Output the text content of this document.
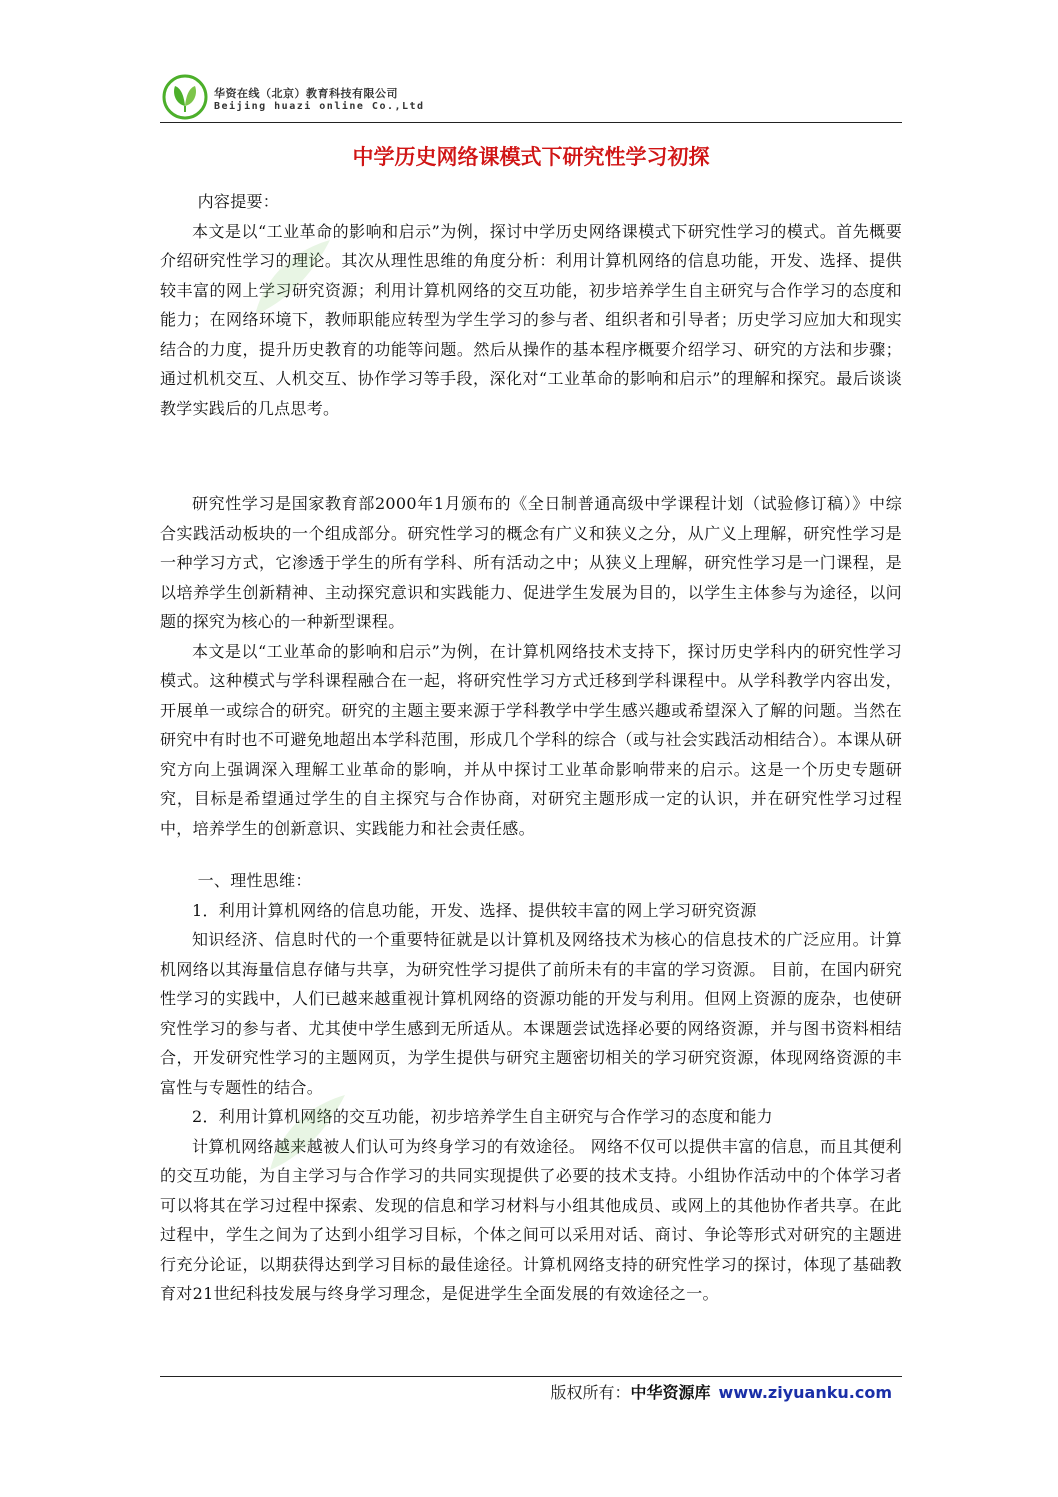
华资在线（北京）教育科技有限公司
Beijing huazi online Co.,Ltd
中学历史网络课模式下研究性学习初探

内容提要：

本文是以“工业革命的影响和启示”为例，探讨中学历史网络课模式下研究性学习的模式。首先概要介绍研究性学习的理论。其次从理性思维的角度分析：利用计算机网络的信息功能，开发、选择、提供较丰富的网上学习研究资源；利用计算机网络的交互功能，初步培养学生自主研究与合作学习的态度和能力；在网络环境下，教师职能应转型为学生学习的参与者、组织者和引导者；历史学习应加大和现实结合的力度，提升历史教育的功能等问题。然后从操作的基本程序概要介绍学习、研究的方法和步骤；通过机机交互、人机交互、协作学习等手段，深化对“工业革命的影响和启示”的理解和探究。最后谈谈教学实践后的几点思考。

研究性学习是国家教育部2000年1月颁布的《全日制普通高级中学课程计划（试验修订稿）》中综合实践活动板块的一个组成部分。研究性学习的概念有广义和狭义之分，从广义上理解，研究性学习是一种学习方式，它渗透于学生的所有学科、所有活动之中；从狭义上理解，研究性学习是一门课程，是以培养学生创新精神、主动探究意识和实践能力、促进学生发展为目的，以学生主体参与为途径，以问题的探究为核心的一种新型课程。

本文是以“工业革命的影响和启示”为例，在计算机网络技术支持下，探讨历史学科内的研究性学习模式。这种模式与学科课程融合在一起，将研究性学习方式迁移到学科课程中。从学科教学内容出发，开展单一或综合的研究。研究的主题主要来源于学科教学中学生感兴趣或希望深入了解的问题。当然在研究中有时也不可避免地超出本学科范围，形成几个学科的综合（或与社会实践活动相结合）。本课从研究方向上强调深入理解工业革命的影响，并从中探讨工业革命影响带来的启示。这是一个历史专题研究，目标是希望通过学生的自主探究与合作协商，对研究主题形成一定的认识，并在研究性学习过程中，培养学生的创新意识、实践能力和社会责任感。

一、理性思维：

1．利用计算机网络的信息功能，开发、选择、提供较丰富的网上学习研究资源

知识经济、信息时代的一个重要特征就是以计算机及网络技术为核心的信息技术的广泛应用。计算机网络以其海量信息存储与共享，为研究性学习提供了前所未有的丰富的学习资源。 目前，在国内研究性学习的实践中，人们已越来越重视计算机网络的资源功能的开发与利用。但网上资源的庞杂，也使研究性学习的参与者、尤其使中学生感到无所适从。本课题尝试选择必要的网络资源，并与图书资料相结合，开发研究性学习的主题网页，为学生提供与研究主题密切相关的学习研究资源，体现网络资源的丰富性与专题性的结合。

2．利用计算机网络的交互功能，初步培养学生自主研究与合作学习的态度和能力

计算机网络越来越被人们认可为终身学习的有效途径。 网络不仅可以提供丰富的信息，而且其便利的交互功能，为自主学习与合作学习的共同实现提供了必要的技术支持。小组协作活动中的个体学习者可以将其在学习过程中探索、发现的信息和学习材料与小组其他成员、或网上的其他协作者共享。在此过程中，学生之间为了达到小组学习目标，个体之间可以采用对话、商讨、争论等形式对研究的主题进行充分论证，以期获得达到学习目标的最佳途径。计算机网络支持的研究性学习的探讨，体现了基础教育对21世纪科技发展与终身学习理念，是促进学生全面发展的有效途径之一。

版权所有：中华资源库 www.ziyuanku.com
